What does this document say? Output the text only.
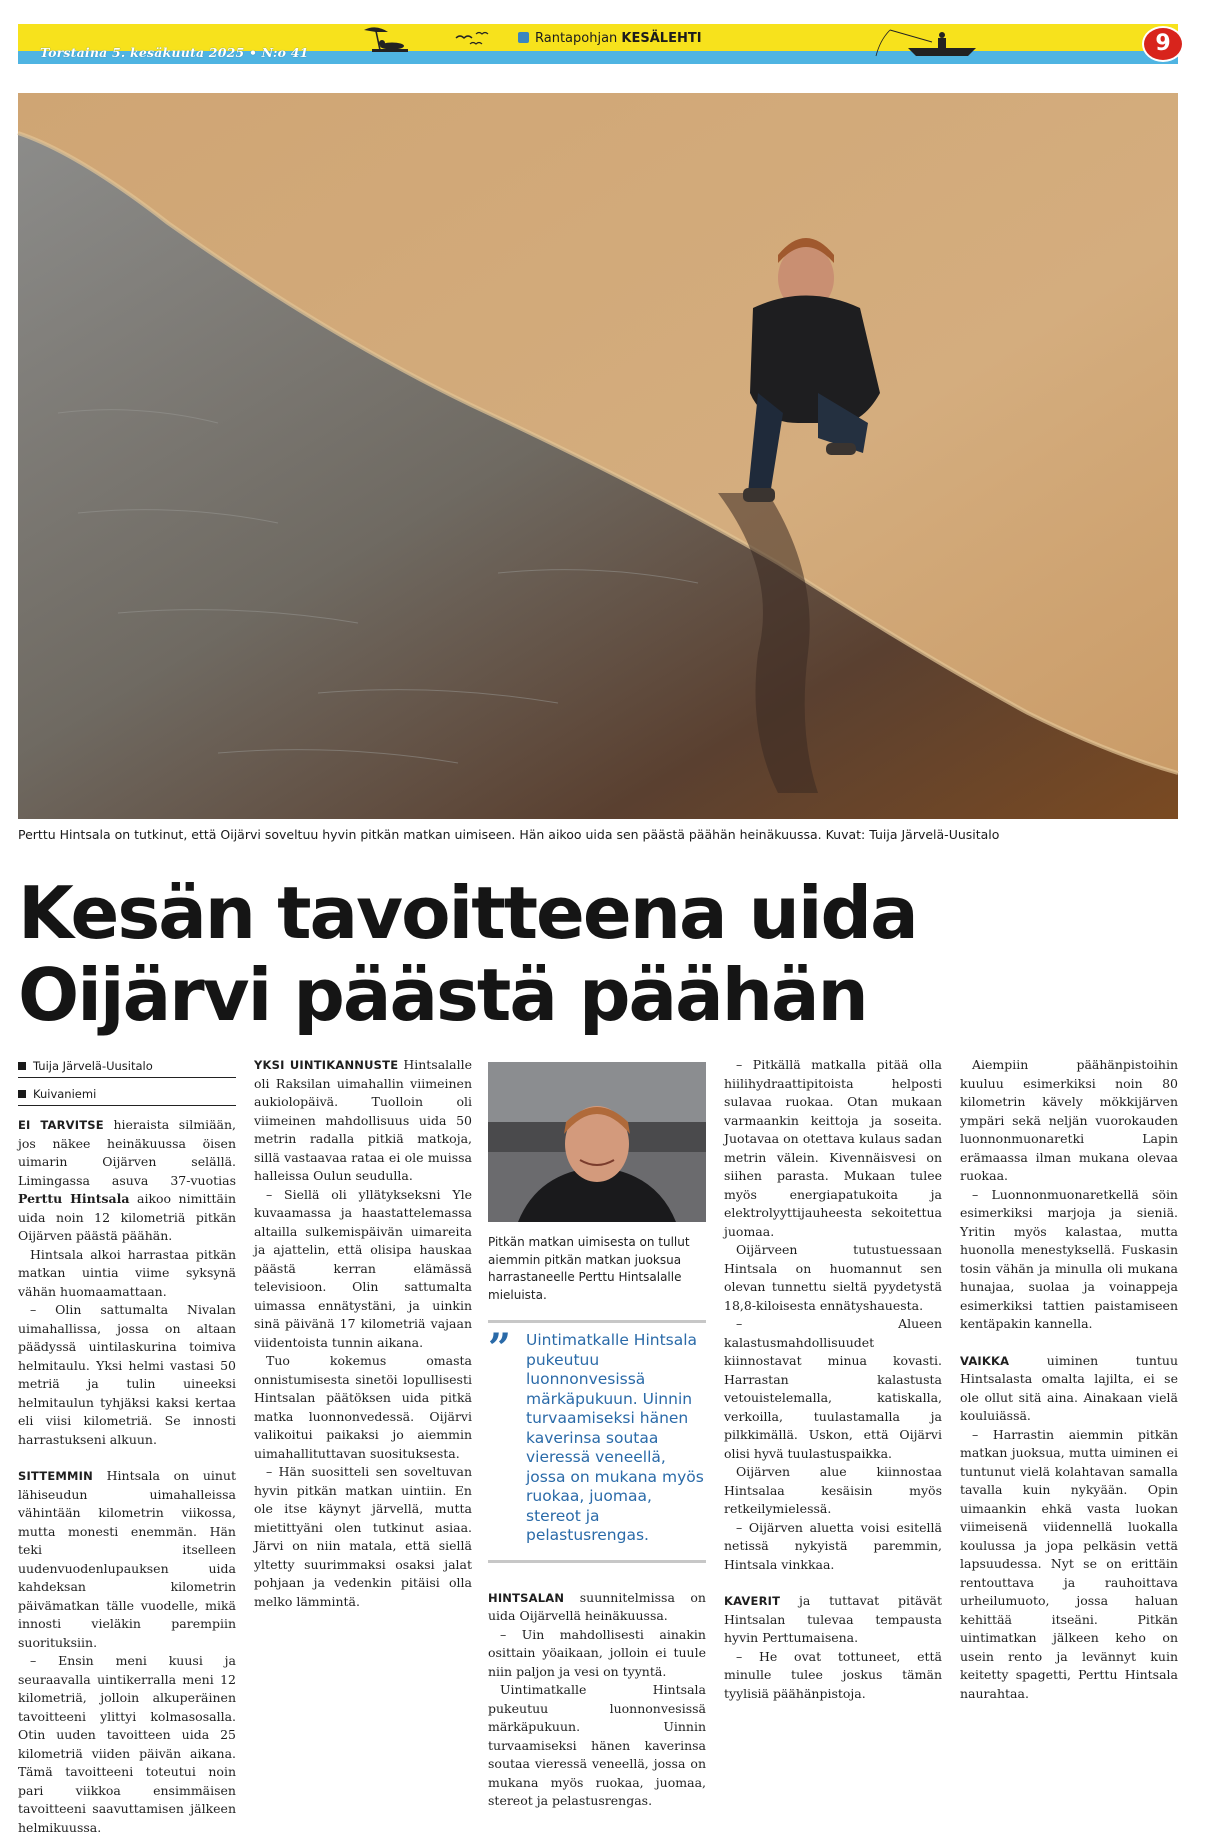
Torstaina 5. kesäkuuta 2025 • N:o 41
Rantapohjan KESÄLEHTI	9
Perttu Hintsala on tutkinut, että Oijärvi soveltuu hyvin pitkän matkan uimiseen. Hän aikoo uida sen päästä päähän heinäkuussa. Kuvat: Tuija Järvelä-Uusitalo
Kesän tavoitteena uida
Oijärvi päästä päähän
Tuija Järvelä-Uusitalo
Kuivaniemi

EI TARVITSE hieraista silmiään, jos näkee heinäkuussa öisen uimarin Oijärven selällä. Limingassa asuva 37-vuotias Perttu Hintsala aikoo nimittäin uida noin 12 kilometriä pitkän Oijärven päästä päähän.

Hintsala alkoi harrastaa pitkän matkan uintia viime syksynä vähän huomaamattaan.

– Olin sattumalta Nivalan uimahallissa, jossa on altaan päädyssä uintilaskurina toimiva helmitaulu. Yksi helmi vastasi 50 metriä ja tulin uineeksi helmitaulun tyhjäksi kaksi kertaa eli viisi kilometriä. Se innosti harrastukseni alkuun.

SITTEMMIN Hintsala on uinut lähiseudun uimahalleissa vähintään kilometrin viikossa, mutta monesti enemmän. Hän teki itselleen uudenvuodenlupauksen uida kahdeksan kilometrin päivämatkan tälle vuodelle, mikä innosti vieläkin parempiin suorituksiin.

– Ensin meni kuusi ja seuraavalla uintikerralla meni 12 kilometriä, jolloin alkuperäinen tavoitteeni ylittyi kolmasosalla. Otin uuden tavoitteen uida 25 kilometriä viiden päivän aikana. Tämä tavoitteeni toteutui noin pari viikkoa ensimmäisen tavoitteeni saavuttamisen jälkeen helmikuussa.

YKSI UINTIKANNUSTE Hintsalalle oli Raksilan uimahallin viimeinen aukiolopäivä. Tuolloin oli viimeinen mahdollisuus uida 50 metrin radalla pitkiä matkoja, sillä vastaavaa rataa ei ole muissa halleissa Oulun seudulla.

– Siellä oli yllätykseksni Yle kuvaamassa ja haastattelemassa altailla sulkemispäivän uimareita ja ajattelin, että olisipa hauskaa päästä kerran elämässä televisioon. Olin sattumalta uimassa ennätystäni, ja uinkin sinä päivänä 17 kilometriä vajaan viidentoista tunnin aikana.

Tuo kokemus omasta onnistumisesta sinetöi lopullisesti Hintsalan päätöksen uida pitkä matka luonnonvedessä. Oijärvi valikoitui paikaksi jo aiemmin uimahallituttavan suosituksesta.

– Hän suositteli sen soveltuvan hyvin pitkän matkan uintiin. En ole itse käynyt järvellä, mutta mietittyäni olen tutkinut asiaa. Järvi on niin matala, että siellä yltetty suurimmaksi osaksi jalat pohjaan ja vedenkin pitäisi olla melko lämmintä.

Pitkän matkan uimisesta on tullut aiemmin pitkän matkan juoksua harrastaneelle Perttu Hintsalalle mieluista.
” Uintimatkalle Hintsala pukeutuu luonnonvesissä märkäpukuun. Uinnin turvaamiseksi hänen kaverinsa soutaa vieressä veneellä, jossa on mukana myös ruokaa, juomaa, stereot ja pelastusrengas.

HINTSALAN suunnitelmissa on uida Oijärvellä heinäkuussa.

– Uin mahdollisesti ainakin osittain yöaikaan, jolloin ei tuule niin paljon ja vesi on tyyntä.

Uintimatkalle Hintsala pukeutuu luonnonvesissä märkäpukuun. Uinnin turvaamiseksi hänen kaverinsa soutaa vieressä veneellä, jossa on mukana myös ruokaa, juomaa, stereot ja pelastusrengas.

– Pitkällä matkalla pitää olla hiilihydraattipitoista helposti sulavaa ruokaa. Otan mukaan varmaankin keittoja ja soseita. Juotavaa on otettava kulaus sadan metrin välein. Kivennäisvesi on siihen parasta. Mukaan tulee myös energiapatukoita ja elektrolyyttijauheesta sekoitettua juomaa.

Oijärveen tutustuessaan Hintsala on huomannut sen olevan tunnettu sieltä pyydetystä 18,8-kiloisesta ennätyshauesta.

– Alueen kalastusmahdollisuudet kiinnostavat minua kovasti. Harrastan kalastusta vetouistelemalla, katiskalla, verkoilla, tuulastamalla ja pilkkimällä. Uskon, että Oijärvi olisi hyvä tuulastuspaikka.

Oijärven alue kiinnostaa Hintsalaa kesäisin myös retkeilymielessä.

– Oijärven aluetta voisi esitellä netissä nykyistä paremmin, Hintsala vinkkaa.

KAVERIT ja tuttavat pitävät Hintsalan tulevaa tempausta hyvin Perttumaisena.

– He ovat tottuneet, että minulle tulee joskus tämän tyylisiä päähänpistoja.

Aiempiin päähänpistoihin kuuluu esimerkiksi noin 80 kilometrin kävely mökkijärven ympäri sekä neljän vuorokauden luonnonmuonaretki Lapin erämaassa ilman mukana olevaa ruokaa.

– Luonnonmuonaretkellä söin esimerkiksi marjoja ja sieniä. Yritin myös kalastaa, mutta huonolla menestyksellä. Fuskasin tosin vähän ja minulla oli mukana hunajaa, suolaa ja voinappeja esimerkiksi tattien paistamiseen kentäpakin kannella.

VAIKKA uiminen tuntuu Hintsalasta omalta lajilta, ei se ole ollut sitä aina. Ainakaan vielä kouluiässä.

– Harrastin aiemmin pitkän matkan juoksua, mutta uiminen ei tuntunut vielä kolahtavan samalla tavalla kuin nykyään. Opin uimaankin ehkä vasta luokan viimeisenä viidennellä luokalla koulussa ja jopa pelkäsin vettä lapsuudessa. Nyt se on erittäin rentouttava ja rauhoittava urheilumuoto, jossa haluan kehittää itseäni. Pitkän uintimatkan jälkeen keho on usein rento ja levännyt kuin keitetty spagetti, Perttu Hintsala naurahtaa.
